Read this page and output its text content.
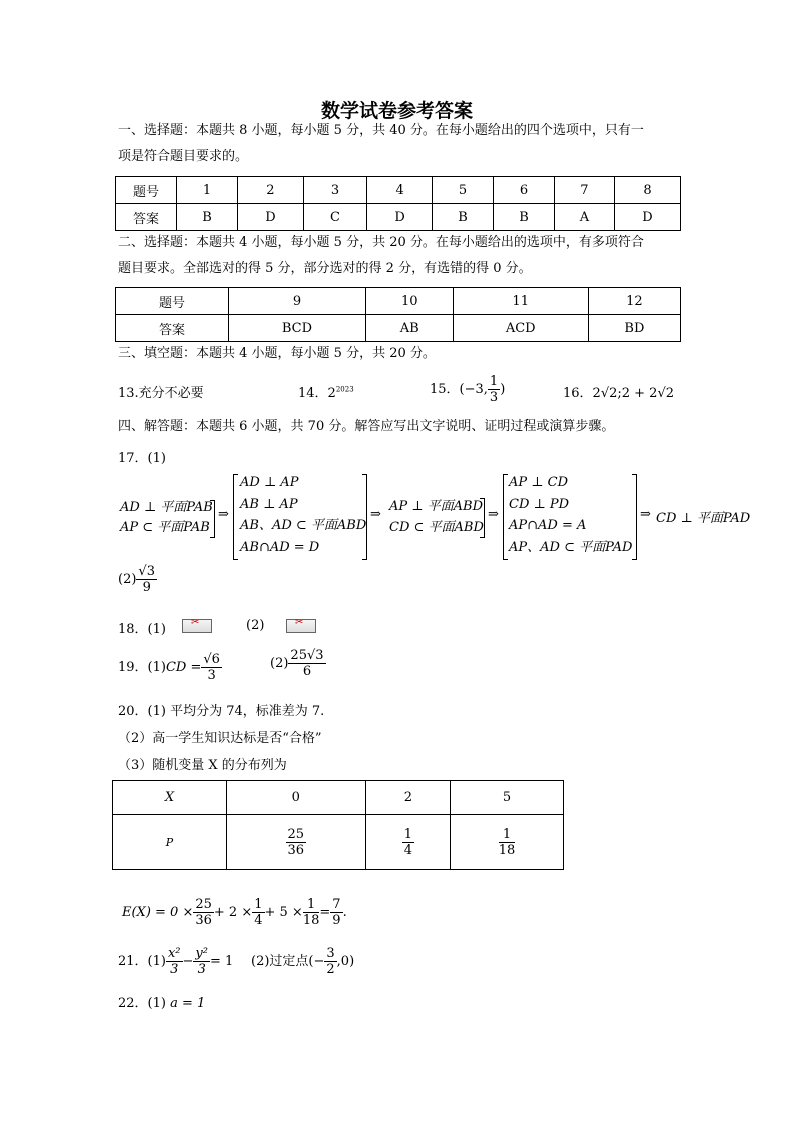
数学试卷参考答案
一、选择题：本题共 8 小题，每小题 5 分，共 40 分。在每小题给出的四个选项中，只有一
项是符合题目要求的。
题号	1	2	3	4	5	6	7	8
答案	B	D	C	D	B	B	A	D
二、选择题：本题共 4 小题，每小题 5 分，共 20 分。在每小题给出的选项中，有多项符合
题目要求。全部选对的得 5 分，部分选对的得 2 分，有选错的得 0 分。
题号	9	10	11	12
答案	BCD	AB	ACD	BD
三、填空题：本题共 4 小题，每小题 5 分，共 20 分。
13.充分不必要	14．$2^{2023}$	15．(−3, $\frac{1}{3}$ )	16．2√2;2 + 2√2
四、解答题：本题共 6 小题，共 70 分。解答应写出文字说明、证明过程或演算步骤。
17．(1)
AD ⊥ 平面PAB
AP ⊂ 平面PAB
⇒
AD ⊥ AP
AB ⊥ AP
AB、AD ⊂ 平面ABD
AB∩AD = D
⇒
AP ⊥ 平面ABD
CD ⊂ 平面ABD
⇒
AP ⊥ CD
CD ⊥ PD
AP∩AD = A
AP、AD ⊂ 平面PAD
⇒ CD ⊥ 平面PAD
$(2) \frac{√3}{9}$
18．(1) ✂	(2)
✂
19．$(1)CD = \frac{√6}{3}$	$(2) \frac{25√3}{6}$
20．(1) 平均分为 74，标准差为 7.
（2）高一学生知识达标是否“合格”
（3）随机变量 X 的分布列为
X	0	2	5
P	$\frac{25}{36}$	$\frac{1}{4}$	$\frac{1}{18}$
$E(X) = 0 \times \frac{25}{36} + 2 \times \frac{1}{4} + 5 \times \frac{1}{18} = \frac{7}{9}$ .
21．$(1) \frac{\text{x²}}{3} - \frac{\text{y²}}{3} = 1$ (2)过定点(− $\frac{3}{2} ,0$)
22．(1) a = 1
